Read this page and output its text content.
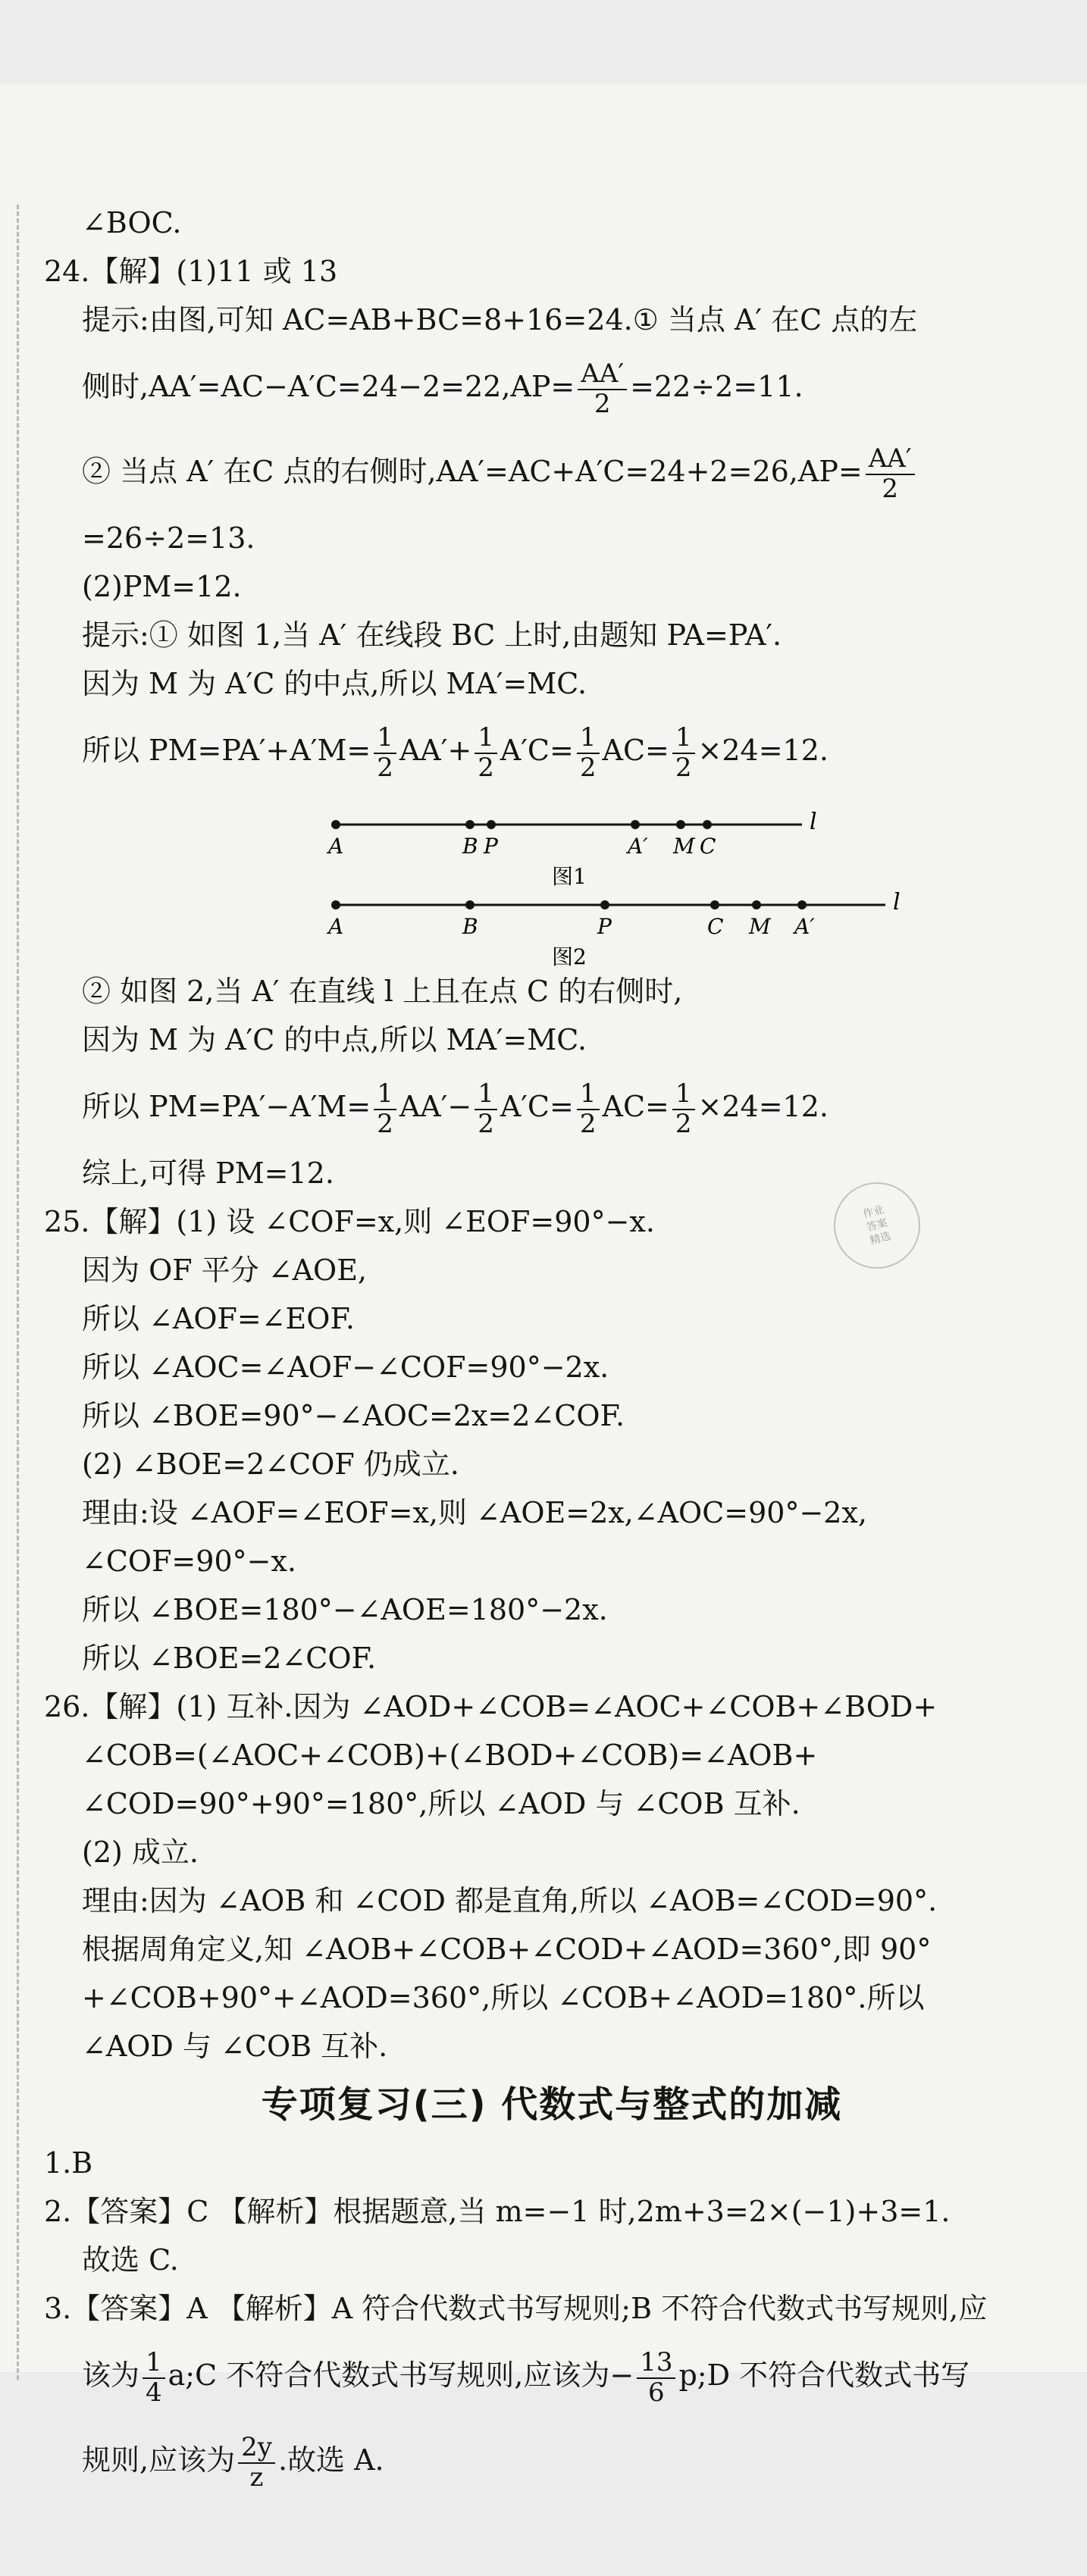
作业
答案
精选
∠BOC.
24.【解】(1)11 或 13
提示:由图,可知 AC=AB+BC=8+16=24.① 当点 A′ 在C 点的左
侧时$,AA'=AC-A'C=24-2=22,AP= \frac{AA'}{2} =22\div 2=11$.
② 当点 A′ 在C 点的右侧时$,AA'=AC+A'C=24+2=26,AP= \frac{AA'}{2}$
=26÷2=13.
(2)PM=12.
提示:① 如图 1,当 A′ 在线段 BC 上时,由题知 PA=PA′.
因为 M 为 A′C 的中点,所以 MA′=MC.
所以 $PM=PA'+A'M= \frac{1}{2} AA'+ \frac{1}{2} A'C= \frac{1}{2} AC= \frac{1}{2} \times 24=12$.
l
A	B P	A′ M C
图1
l
A	B	P	C M A′
图2
② 如图 2,当 A′ 在直线 l 上且在点 C 的右侧时,
因为 M 为 A′C 的中点,所以 MA′=MC.
所以 $PM=PA'-A'M= \frac{1}{2} AA'- \frac{1}{2} A'C= \frac{1}{2} AC= \frac{1}{2} \times 24=12$.
综上,可得 PM=12.
25.【解】(1) 设 ∠COF=x,则 ∠EOF=90°−x.
因为 OF 平分 ∠AOE,
所以 ∠AOF=∠EOF.
所以 ∠AOC=∠AOF−∠COF=90°−2x.
所以 ∠BOE=90°−∠AOC=2x=2∠COF.
(2) ∠BOE=2∠COF 仍成立.
理由:设 ∠AOF=∠EOF=x,则 ∠AOE=2x,∠AOC=90°−2x,
∠COF=90°−x.
所以 ∠BOE=180°−∠AOE=180°−2x.
所以 ∠BOE=2∠COF.
26.【解】(1) 互补.因为 ∠AOD+∠COB=∠AOC+∠COB+∠BOD+
∠COB=(∠AOC+∠COB)+(∠BOD+∠COB)=∠AOB+
∠COD=90°+90°=180°,所以 ∠AOD 与 ∠COB 互补.
(2) 成立.
理由:因为 ∠AOB 和 ∠COD 都是直角,所以 ∠AOB=∠COD=90°.
根据周角定义,知 ∠AOB+∠COB+∠COD+∠AOD=360°,即 90°
+∠COB+90°+∠AOD=360°,所以 ∠COB+∠AOD=180°.所以
∠AOD 与 ∠COB 互补.
专项复习(三) 代数式与整式的加减
1.B
2.【答案】C 【解析】根据题意,当 m=−1 时,2m+3=2×(−1)+3=1.
故选 C.
3.【答案】A 【解析】A 符合代数式书写规则;B 不符合代数式书写规则,应
该为 $\frac{1}{4}$ a;C 不符合代数式书写规则,应该为− $\frac{13}{6}$ p;D 不符合代数式书写
规则,应该为 $\frac{2y}{z}$ .故选 A.
